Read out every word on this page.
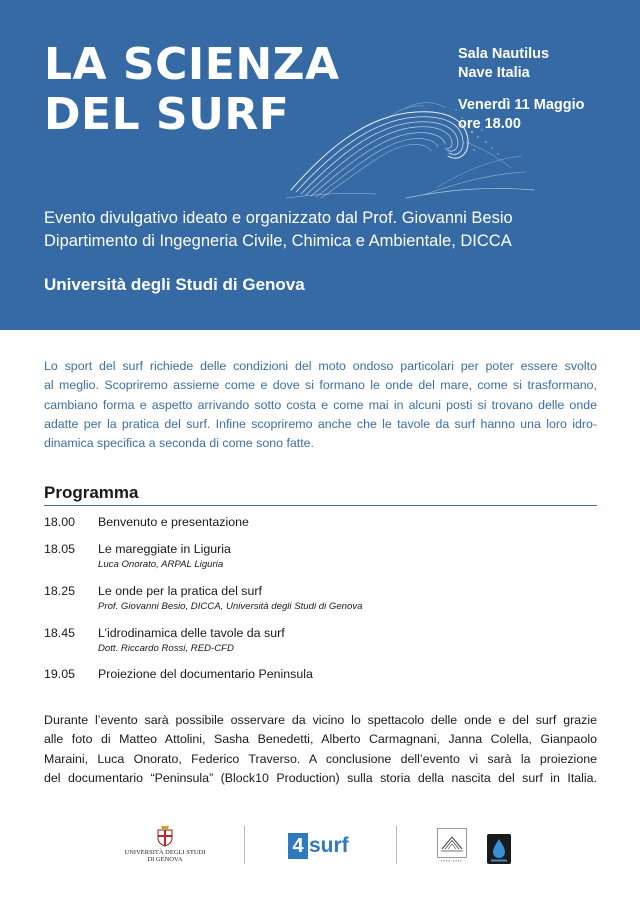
LA SCIENZA
DEL SURF
Sala Nautilus
Nave Italia
Venerdì 11 Maggio
ore 18.00
Evento divulgativo ideato e organizzato dal Prof. Giovanni Besio
Dipartimento di Ingegneria Civile, Chimica e Ambientale, DICCA
Università degli Studi di Genova
Lo sport del surf richiede delle condizioni del moto ondoso particolari per poter essere svolto
al meglio. Scopriremo assieme come e dove si formano le onde del mare, come si trasformano,
cambiano forma e aspetto arrivando sotto costa e come mai in alcuni posti si trovano delle onde
adatte per la pratica del surf. Infine scopriremo anche che le tavole da surf hanno una loro idro-
dinamica specifica a seconda di come sono fatte.
Programma
18.00 Benvenuto e presentazione
18.05 Le mareggiate in Liguria
Luca Onorato, ARPAL Liguria
18.25 Le onde per la pratica del surf
Prof. Giovanni Besio, DICCA, Università degli Studi di Genova
18.45 L’idrodinamica delle tavole da surf
Dott. Riccardo Rossi, RED-CFD
19.05 Proiezione del documentario Peninsula
Durante l’evento sarà possibile osservare da vicino lo spettacolo delle onde e del surf grazie
alle foto di Matteo Attolini, Sasha Benedetti, Alberto Carmagnani, Janna Colella, Gianpaolo
Maraini, Luca Onorato, Federico Traverso. A conclusione dell’evento vi sarà la proiezione
del documentario “Peninsula” (Block10 Production) sulla storia della nascita del surf in Italia.
UNIVERSITÀ DEGLI STUDI
DI GENOVA
4 surf
▪▪▪▪ ▪▪▪▪
